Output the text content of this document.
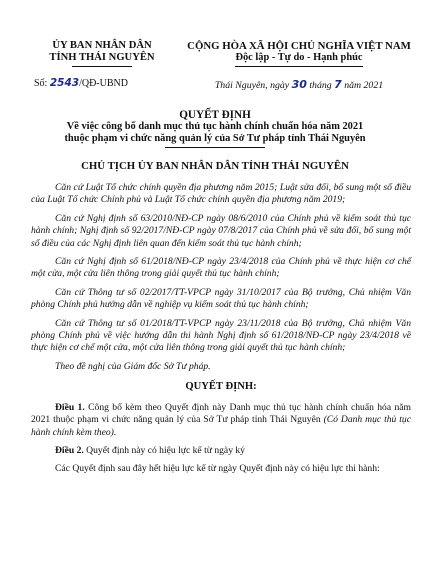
ỦY BAN NHÂN DÂN
TỈNH THÁI NGUYÊN
Số: 2543/QĐ-UBND
CỘNG HÒA XÃ HỘI CHỦ NGHĨA VIỆT NAM
Độc lập - Tự do - Hạnh phúc
Thái Nguyên, ngày 30 tháng 7 năm 2021
QUYẾT ĐỊNH
Về việc công bố danh mục thủ tục hành chính chuẩn hóa năm 2021
thuộc phạm vi chức năng quản lý của Sở Tư pháp tỉnh Thái Nguyên
CHỦ TỊCH ỦY BAN NHÂN DÂN TỈNH THÁI NGUYÊN

Căn cứ Luật Tổ chức chính quyền địa phương năm 2015; Luật sửa đổi, bổ sung một số điều của Luật Tổ chức Chính phủ và Luật Tổ chức chính quyền địa phương năm 2019;

Căn cứ Nghị định số 63/2010/NĐ-CP ngày 08/6/2010 của Chính phủ về kiểm soát thủ tục hành chính; Nghị định số 92/2017/NĐ-CP ngày 07/8/2017 của Chính phủ về sửa đổi, bổ sung một số điều của các Nghị định liên quan đến kiểm soát thủ tục hành chính;

Căn cứ Nghị định số 61/2018/NĐ-CP ngày 23/4/2018 của Chính phủ về thực hiện cơ chế một cửa, một cửa liên thông trong giải quyết thủ tục hành chính;

Căn cứ Thông tư số 02/2017/TT-VPCP ngày 31/10/2017 của Bộ trưởng, Chủ nhiệm Văn phòng Chính phủ hướng dẫn về nghiệp vụ kiểm soát thủ tục hành chính;

Căn cứ Thông tư số 01/2018/TT-VPCP ngày 23/11/2018 của Bộ trưởng, Chủ nhiệm Văn phòng Chính phủ về việc hướng dẫn thi hành Nghị định số 61/2018/NĐ-CP ngày 23/4/2018 về thực hiện cơ chế một cửa, một cửa liên thông trong giải quyết thủ tục hành chính;

Theo đề nghị của Giám đốc Sở Tư pháp.

QUYẾT ĐỊNH:

Điều 1. Công bố kèm theo Quyết định này Danh mục thủ tục hành chính chuẩn hóa năm 2021 thuộc phạm vi chức năng quản lý của Sở Tư pháp tỉnh Thái Nguyên (Có Danh mục thủ tục hành chính kèm theo).

Điều 2. Quyết định này có hiệu lực kể từ ngày ký

Các Quyết định sau đây hết hiệu lực kể từ ngày Quyết định này có hiệu lực thi hành:
